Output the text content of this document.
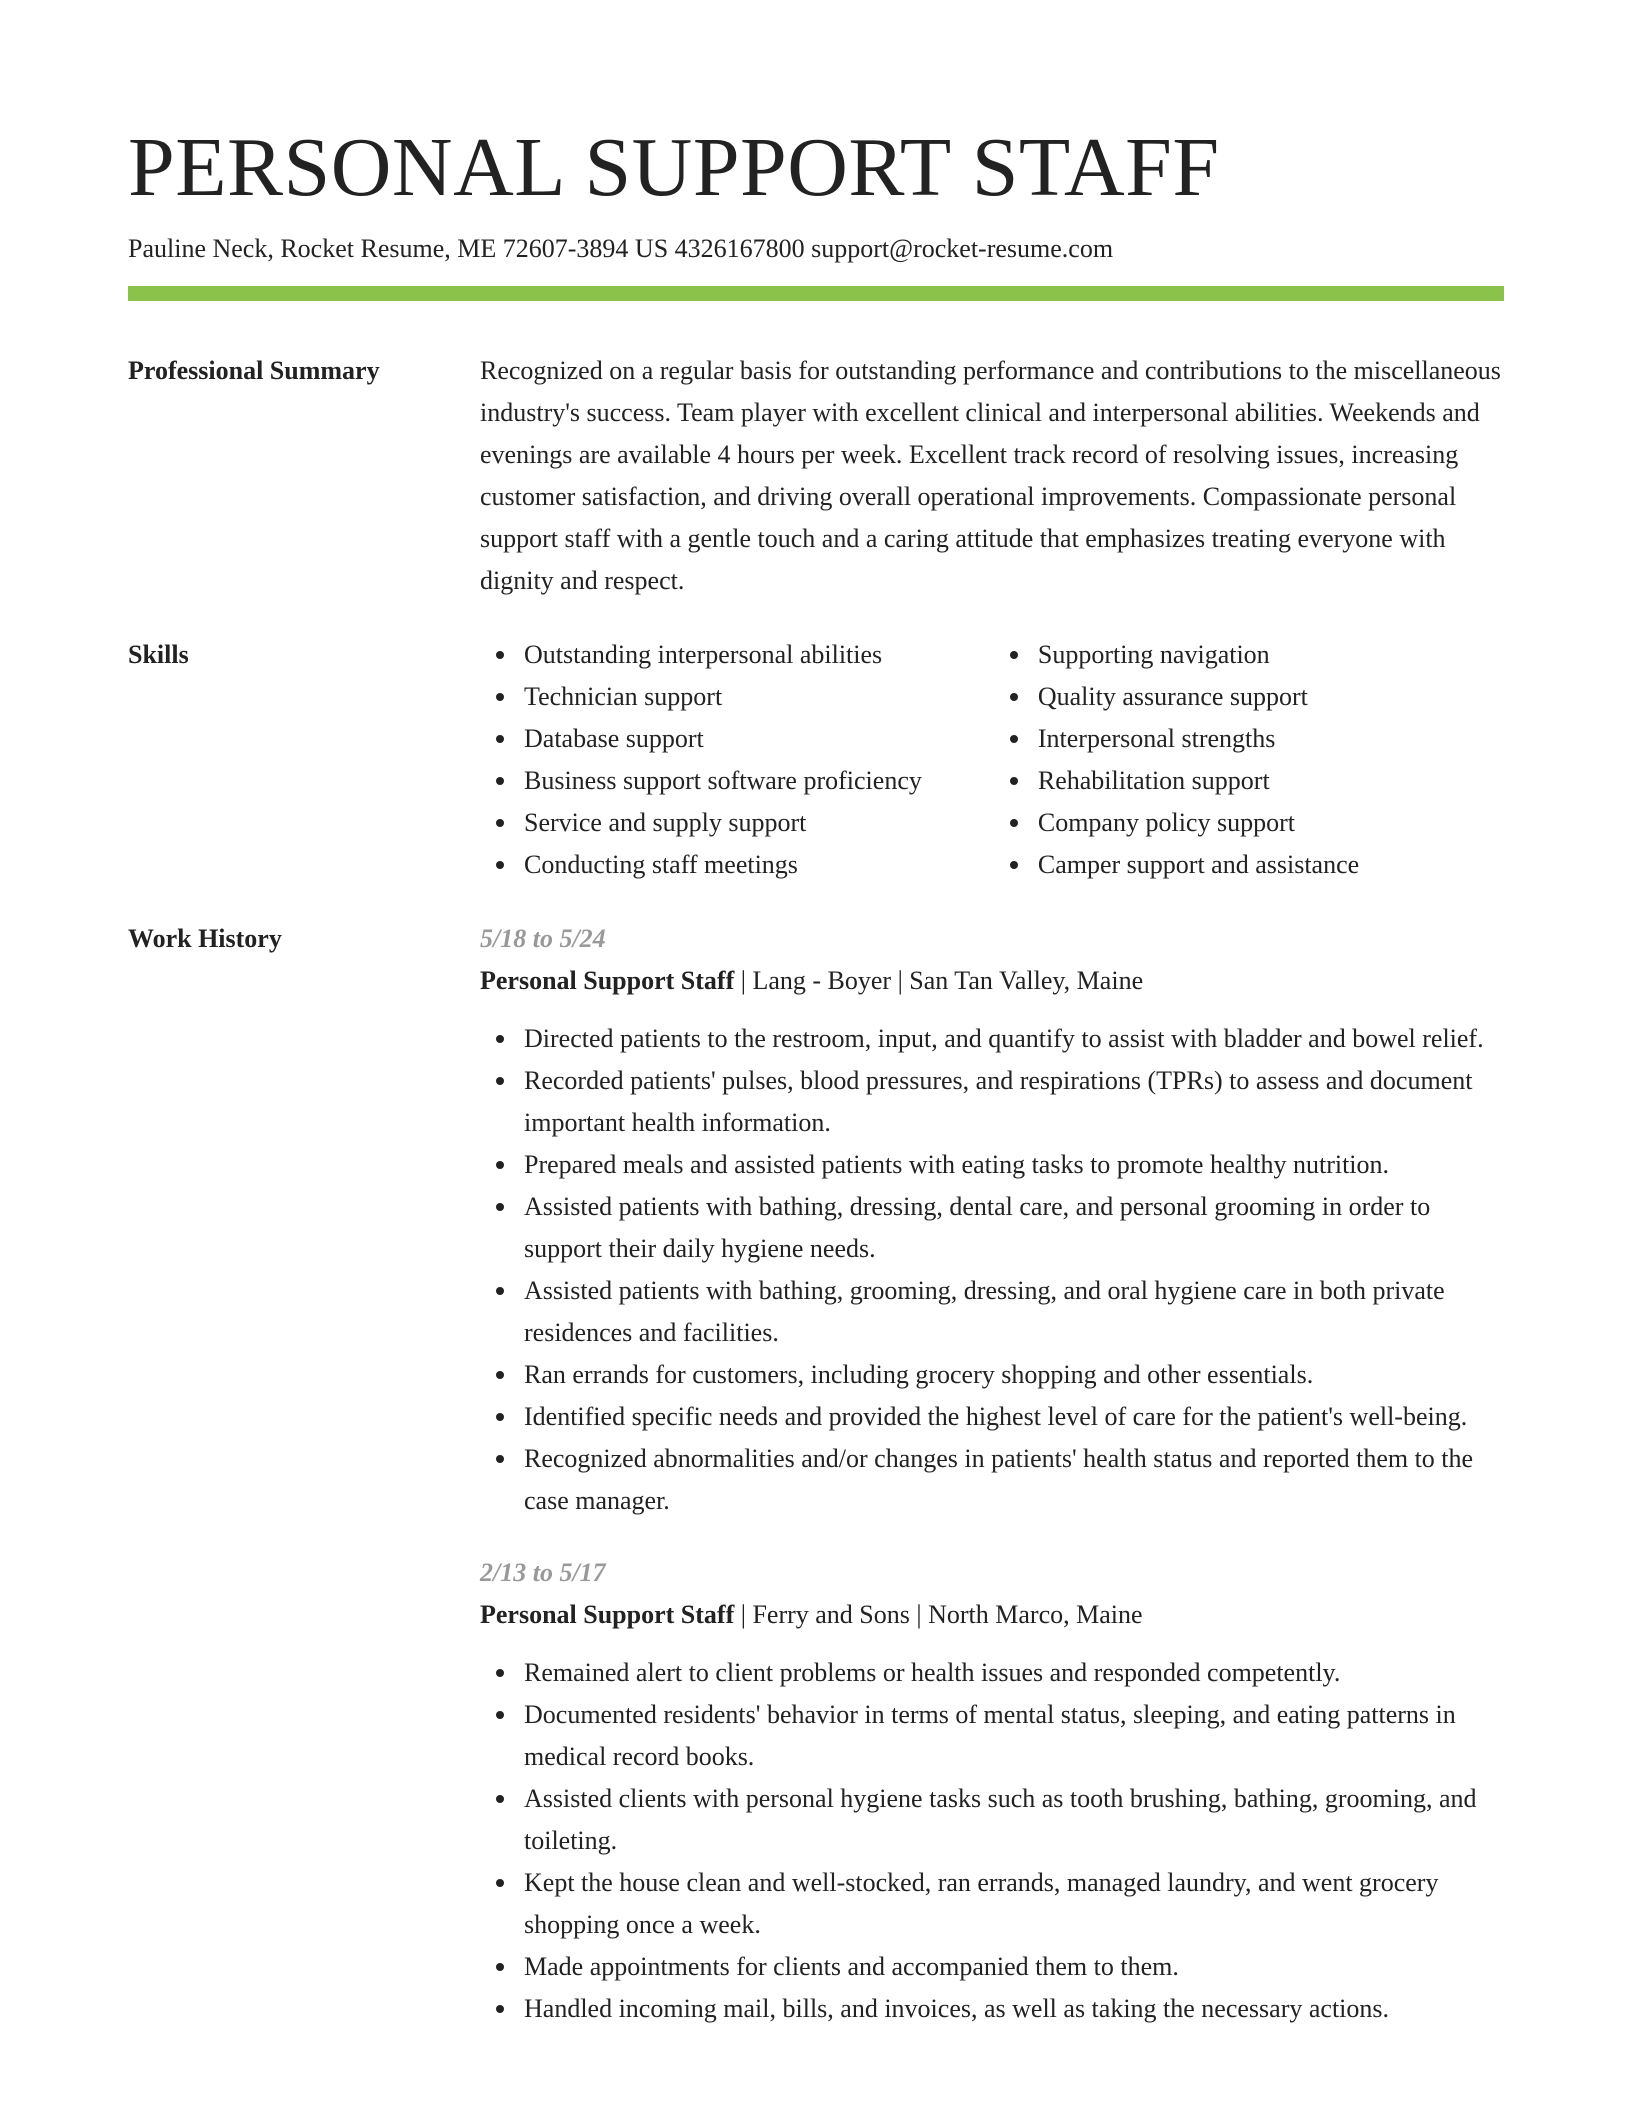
PERSONAL SUPPORT STAFF
Pauline Neck, Rocket Resume, ME 72607-3894 US 4326167800 support@rocket-resume.com
Professional Summary	Recognized on a regular basis for outstanding performance and contributions to the miscellaneous industry's success. Team player with excellent clinical and interpersonal abilities. Weekends and evenings are available 4 hours per week. Excellent track record of resolving issues, increasing customer satisfaction, and driving overall operational improvements. Compassionate personal support staff with a gentle touch and a caring attitude that emphasizes treating everyone with dignity and respect.

Skills	Outstanding interpersonal abilities
Technician support
Database support
Business support software proficiency
Service and supply support
Conducting staff meetings
Supporting navigation
Quality assurance support
Interpersonal strengths
Rehabilitation support
Company policy support
Camper support and assistance
Work History	5/18 to 5/24
Personal Support Staff | Lang - Boyer | San Tan Valley, Maine
Directed patients to the restroom, input, and quantify to assist with bladder and bowel relief.
Recorded patients' pulses, blood pressures, and respirations (TPRs) to assess and document important health information.
Prepared meals and assisted patients with eating tasks to promote healthy nutrition.
Assisted patients with bathing, dressing, dental care, and personal grooming in order to support their daily hygiene needs.
Assisted patients with bathing, grooming, dressing, and oral hygiene care in both private residences and facilities.
Ran errands for customers, including grocery shopping and other essentials.
Identified specific needs and provided the highest level of care for the patient's well-being.
Recognized abnormalities and/or changes in patients' health status and reported them to the case manager.
2/13 to 5/17
Personal Support Staff | Ferry and Sons | North Marco, Maine
Remained alert to client problems or health issues and responded competently.
Documented residents' behavior in terms of mental status, sleeping, and eating patterns in medical record books.
Assisted clients with personal hygiene tasks such as tooth brushing, bathing, grooming, and toileting.
Kept the house clean and well-stocked, ran errands, managed laundry, and went grocery shopping once a week.
Made appointments for clients and accompanied them to them.
Handled incoming mail, bills, and invoices, as well as taking the necessary actions.
